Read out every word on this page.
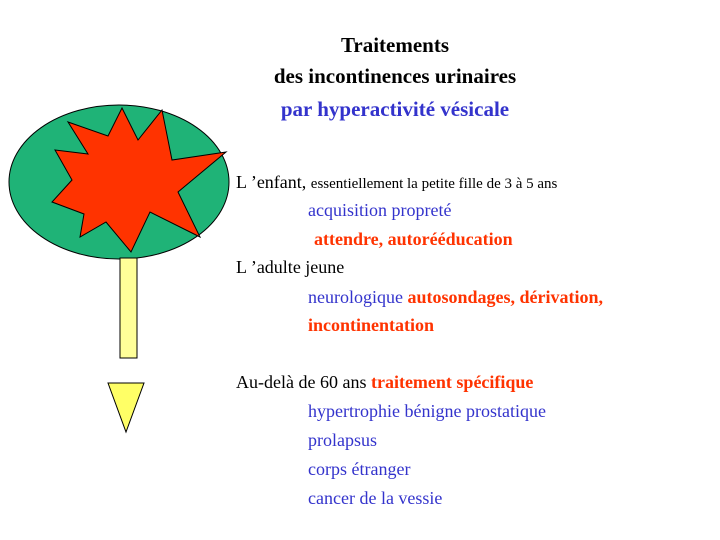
Traitements
des incontinences urinaires
par hyperactivité vésicale
L ’enfant, essentiellement la petite fille de 3 à 5 ans
acquisition propreté
attendre, autorééducation
L ’adulte jeune
neurologique autosondages, dérivation,
incontinentation
Au-delà de 60 ans traitement spécifique
hypertrophie bénigne prostatique
prolapsus
corps étranger
cancer de la vessie
